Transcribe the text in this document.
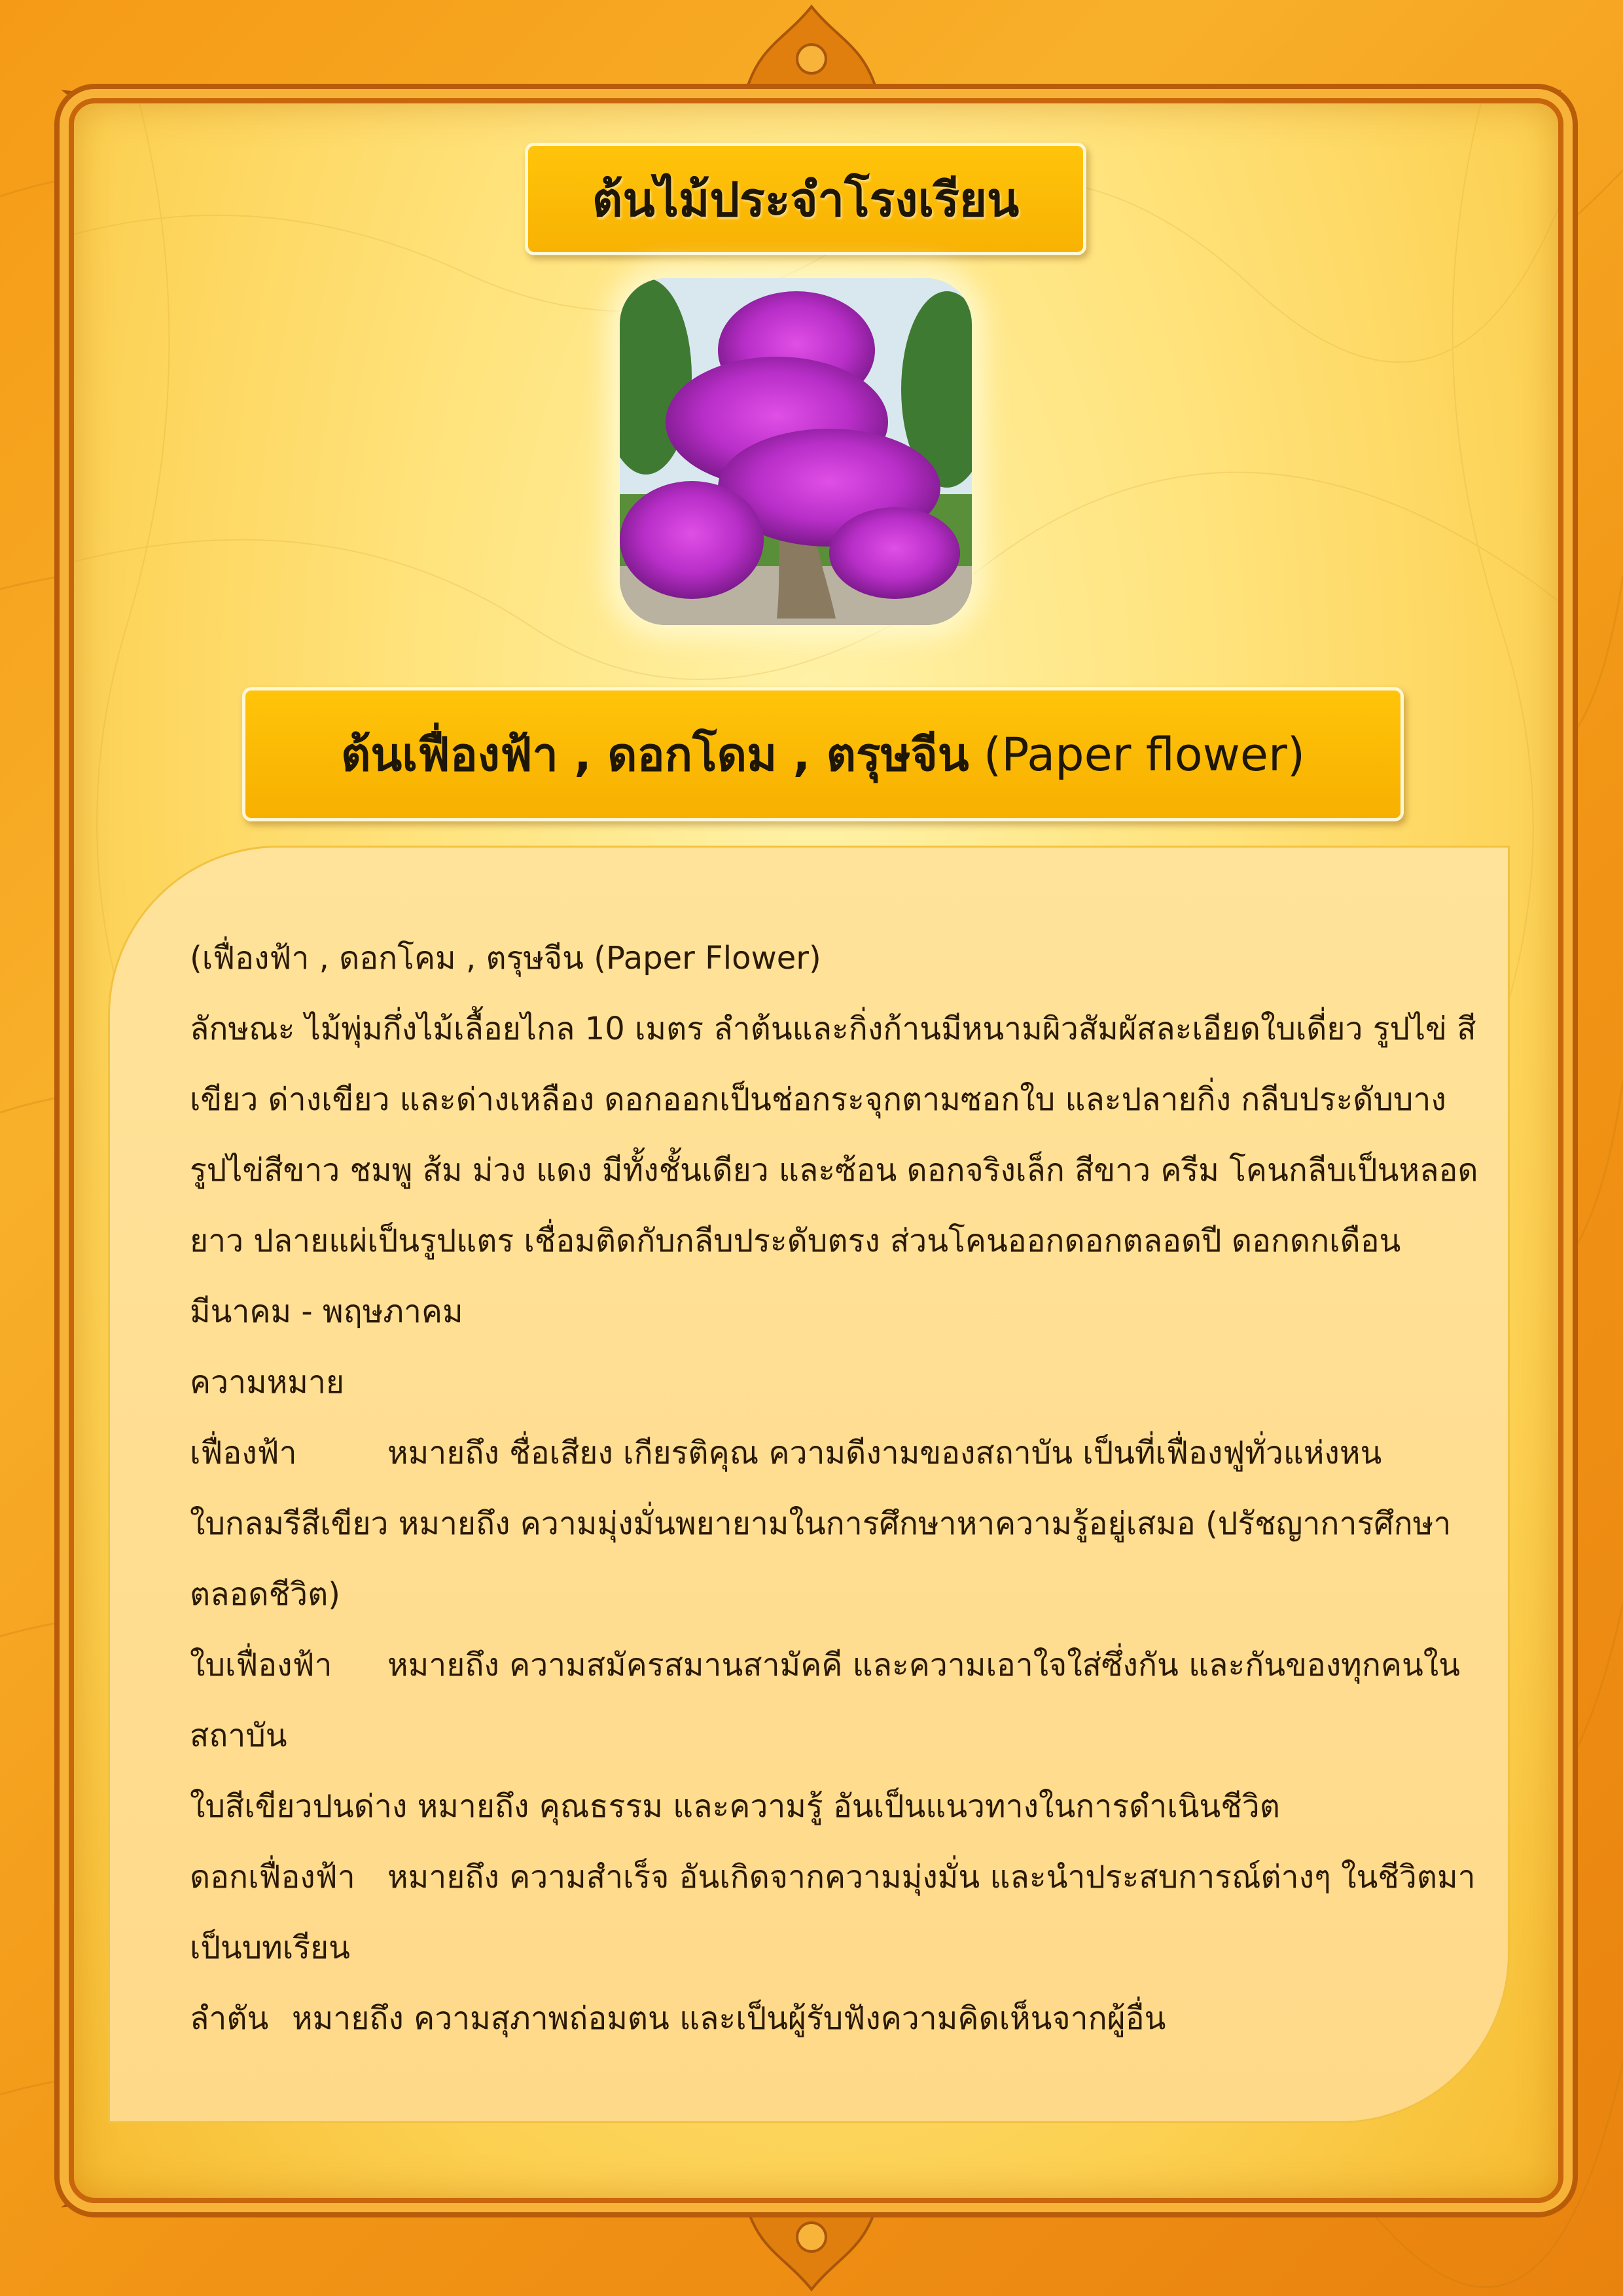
ต้นไม้ประจำโรงเรียน
ต้นเฟื่องฟ้า , ดอกโดม , ตรุษจีน (Paper flower)
(เฟื่องฟ้า , ดอกโคม , ตรุษจีน (Paper Flower)
ลักษณะ ไม้พุ่มกึ่งไม้เลื้อยไกล 10 เมตร ลำต้นและกิ่งก้านมีหนามผิวสัมผัสละเอียดใบเดี่ยว รูปไข่ สี
เขียว ด่างเขียว และด่างเหลือง ดอกออกเป็นช่อกระจุกตามซอกใบ และปลายกิ่ง กลีบประดับบาง
รูปไข่สีขาว ชมพู ส้ม ม่วง แดง มีทั้งชั้นเดียว และซ้อน ดอกจริงเล็ก สีขาว ครีม โคนกลีบเป็นหลอด
ยาว ปลายแผ่เป็นรูปแตร เชื่อมติดกับกลีบประดับตรง ส่วนโคนออกดอกตลอดปี ดอกดกเดือน
มีนาคม - พฤษภาคม
ความหมาย
เฟื่องฟ้า	หมายถึง ชื่อเสียง เกียรติคุณ ความดีงามของสถาบัน เป็นที่เฟื่องฟูทั่วแห่งหน
ใบกลมรีสีเขียว หมายถึง ความมุ่งมั่นพยายามในการศึกษาหาความรู้อยู่เสมอ (ปรัชญาการศึกษา
ตลอดชีวิต)
ใบเฟื่องฟ้า หมายถึง ความสมัครสมานสามัคคี และความเอาใจใส่ซึ่งกัน และกันของทุกคนใน
สถาบัน
ใบสีเขียวปนด่าง หมายถึง คุณธรรม และความรู้ อันเป็นแนวทางในการดำเนินชีวิต
ดอกเฟื่องฟ้า หมายถึง ความสำเร็จ อันเกิดจากความมุ่งมั่น และนำประสบการณ์ต่างๆ ในชีวิตมา
เป็นบทเรียน
ลำตัน หมายถึง ความสุภาพถ่อมตน และเป็นผู้รับฟังความคิดเห็นจากผู้อื่น
